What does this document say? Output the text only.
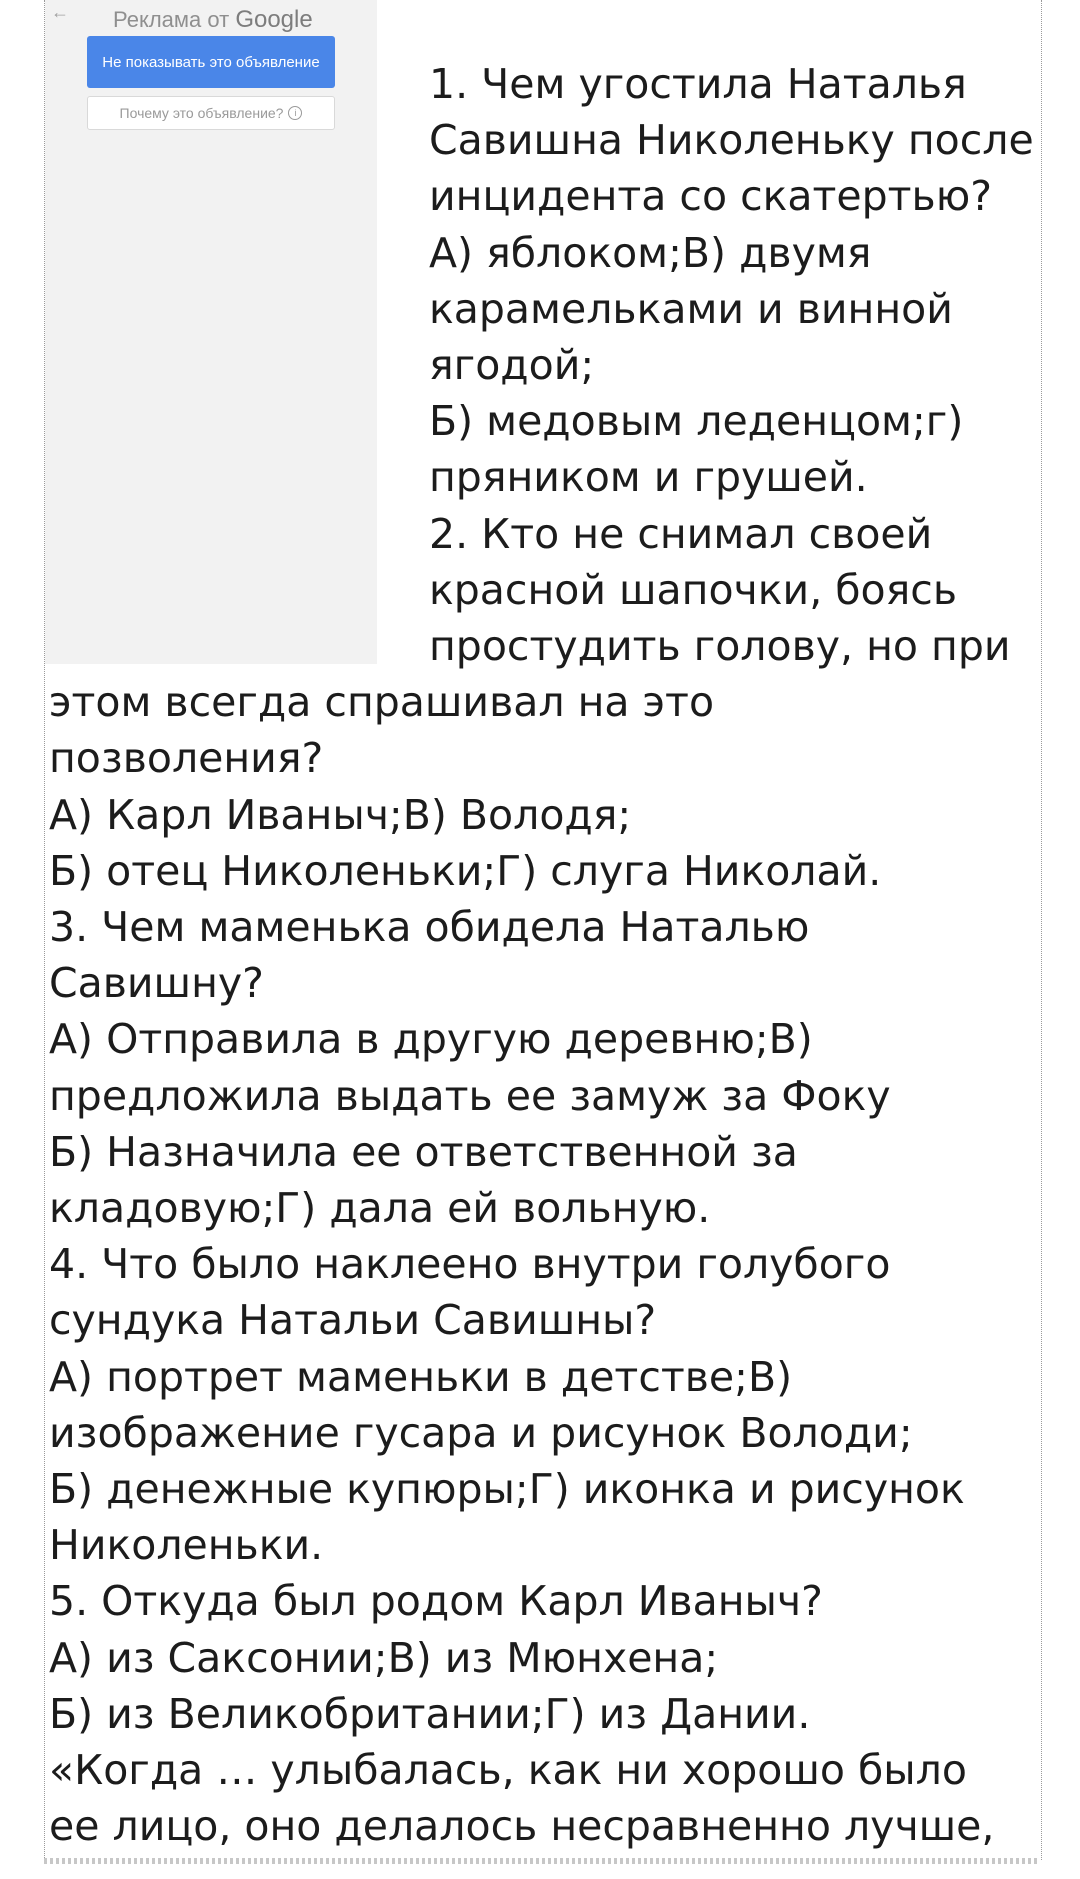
← Реклама от Google
Не показывать это объявление
Почему это объявление?	i
1. Чем угостила Наталья
Савишна Николеньку после
инцидента со скатертью?
А) яблоком;В) двумя
карамельками и винной
ягодой;
Б) медовым леденцом;г)
пряником и грушей.
2. Кто не снимал своей
красной шапочки, боясь
простудить голову, но при
этом всегда спрашивал на это
позволения?
А) Карл Иваныч;В) Володя;
Б) отец Николеньки;Г) слуга Николай.
3. Чем маменька обидела Наталью
Савишну?
А) Отправила в другую деревню;В)
предложила выдать ее замуж за Фоку
Б) Назначила ее ответственной за
кладовую;Г) дала ей вольную.
4. Что было наклеено внутри голубого
сундука Натальи Савишны?
А) портрет маменьки в детстве;В)
изображение гусара и рисунок Володи;
Б) денежные купюры;Г) иконка и рисунок
Николеньки.
5. Откуда был родом Карл Иваныч?
А) из Саксонии;В) из Мюнхена;
Б) из Великобритании;Г) из Дании.
«Когда … улыбалась, как ни хорошо было
ее лицо, оно делалось несравненно лучше,
